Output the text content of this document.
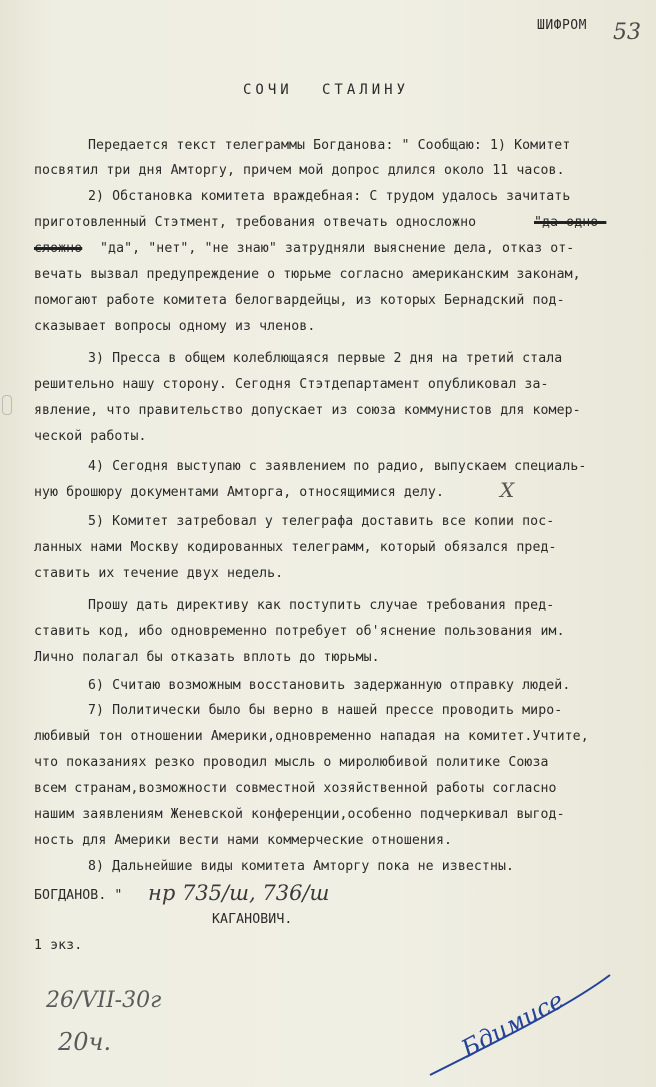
ШИФРОМ 53
СОЧИ СТАЛИНУ
Передается текст телеграммы Богданова: " Сообщаю: 1) Комитет
посвятил три дня Амторгу, причем мой допрос длился около 11 часов.
2) Обстановка комитета враждебная: С трудом удалось зачитать
приготовленный Стэтмент, требования отвечать односложно	"да одно-
сложно "да", "нет", "не знаю" затрудняли выяснение дела, отказ от-
вечать вызвал предупреждение о тюрьме согласно американским законам,
помогают работе комитета белогвардейцы, из которых Бернадский под-
сказывает вопросы одному из членов.
3) Пресса в общем колеблющаяся первые 2 дня на третий стала
решительно нашу сторону. Сегодня Стэтдепартамент опубликовал за-
явление, что правительство допускает из союза коммунистов для комер-
ческой работы.
4) Сегодня выступаю с заявлением по радио, выпускаем специаль-
ную брошюру документами Амторга, относящимися делу.	X
5) Комитет затребовал у телеграфа доставить все копии пос-
ланных нами Москву кодированных телеграмм, который обязался пред-
ставить их течение двух недель.
Прошу дать директиву как поступить случае требования пред-
ставить код, ибо одновременно потребует об'яснение пользования им.
Лично полагал бы отказать вплоть до тюрьмы.
6) Считаю возможным восстановить задержанную отправку людей.
7) Политически было бы верно в нашей прессе проводить миро-
любивый тон отношении Америки,одновременно нападая на комитет.Учтите,
что показаниях резко проводил мысль о миролюбивой политике Союза
всем странам,возможности совместной хозяйственной работы согласно
нашим заявлениям Женевской конференции,особенно подчеркивал выгод-
ность для Америки вести нами коммерческие отношения.
8) Дальнейшие виды комитета Амторгу пока не известны.
БОГДАНОВ. " нр 735/ш, 736/ш
КАГАНОВИЧ.
1 экз.
26/VII-30г
20ч.	Бдимисе
